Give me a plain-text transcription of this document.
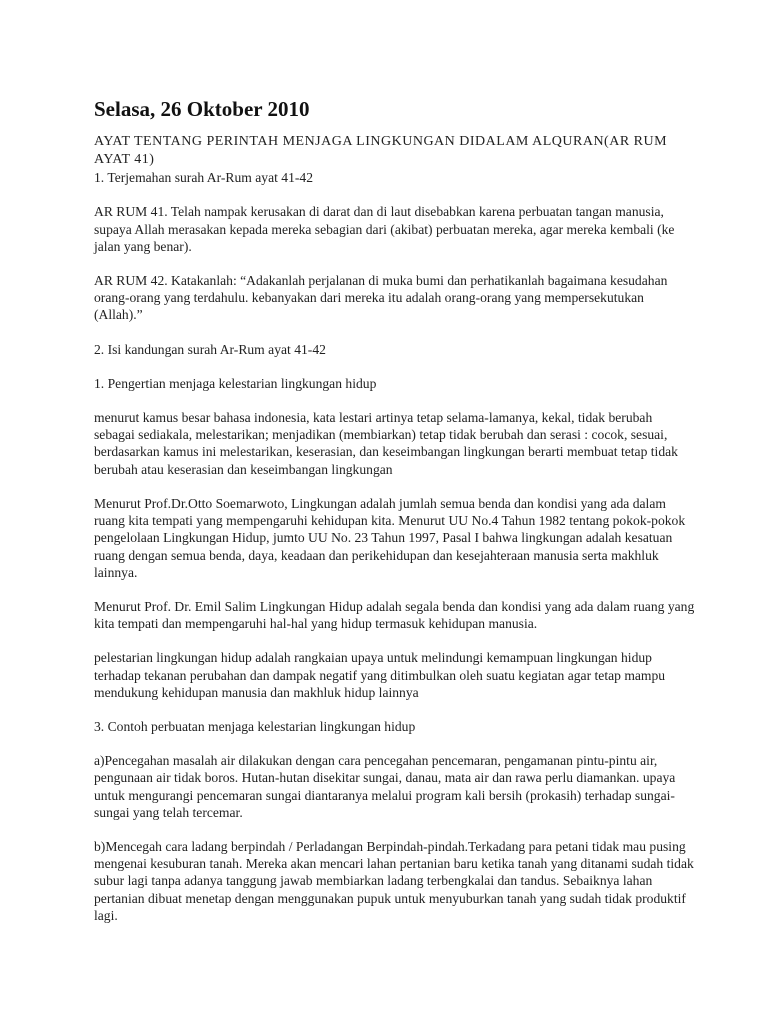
Selasa, 26 Oktober 2010
AYAT TENTANG PERINTAH MENJAGA LINGKUNGAN DIDALAM ALQURAN(AR RUM AYAT 41)

1. Terjemahan surah Ar-Rum ayat 41-42

AR RUM 41. Telah nampak kerusakan di darat dan di laut disebabkan karena perbuatan tangan manusia, supaya Allah merasakan kepada mereka sebagian dari (akibat) perbuatan mereka, agar mereka kembali (ke jalan yang benar).

AR RUM 42. Katakanlah: “Adakanlah perjalanan di muka bumi dan perhatikanlah bagaimana kesudahan orang-orang yang terdahulu. kebanyakan dari mereka itu adalah orang-orang yang mempersekutukan (Allah).”

2. Isi kandungan surah Ar-Rum ayat 41-42

1. Pengertian menjaga kelestarian lingkungan hidup

menurut kamus besar bahasa indonesia, kata lestari artinya tetap selama-lamanya, kekal, tidak berubah sebagai sediakala, melestarikan; menjadikan (membiarkan) tetap tidak berubah dan serasi : cocok, sesuai, berdasarkan kamus ini melestarikan, keserasian, dan keseimbangan lingkungan berarti membuat tetap tidak berubah atau keserasian dan keseimbangan lingkungan

Menurut Prof.Dr.Otto Soemarwoto, Lingkungan adalah jumlah semua benda dan kondisi yang ada dalam ruang kita tempati yang mempengaruhi kehidupan kita. Menurut UU No.4 Tahun 1982 tentang pokok-pokok pengelolaan Lingkungan Hidup, jumto UU No. 23 Tahun 1997, Pasal I bahwa lingkungan adalah kesatuan ruang dengan semua benda, daya, keadaan dan perikehidupan dan kesejahteraan manusia serta makhluk lainnya.

Menurut Prof. Dr. Emil Salim Lingkungan Hidup adalah segala benda dan kondisi yang ada dalam ruang yang kita tempati dan mempengaruhi hal-hal yang hidup termasuk kehidupan manusia.

pelestarian lingkungan hidup adalah rangkaian upaya untuk melindungi kemampuan lingkungan hidup terhadap tekanan perubahan dan dampak negatif yang ditimbulkan oleh suatu kegiatan agar tetap mampu mendukung kehidupan manusia dan makhluk hidup lainnya

3. Contoh perbuatan menjaga kelestarian lingkungan hidup

a)Pencegahan masalah air dilakukan dengan cara pencegahan pencemaran, pengamanan pintu-pintu air, pengunaan air tidak boros. Hutan-hutan disekitar sungai, danau, mata air dan rawa perlu diamankan. upaya untuk mengurangi pencemaran sungai diantaranya melalui program kali bersih (prokasih) terhadap sungai-sungai yang telah tercemar.

b)Mencegah cara ladang berpindah / Perladangan Berpindah-pindah.Terkadang para petani tidak mau pusing mengenai kesuburan tanah. Mereka akan mencari lahan pertanian baru ketika tanah yang ditanami sudah tidak subur lagi tanpa adanya tanggung jawab membiarkan ladang terbengkalai dan tandus. Sebaiknya lahan pertanian dibuat menetap dengan menggunakan pupuk untuk menyuburkan tanah yang sudah tidak produktif lagi.
